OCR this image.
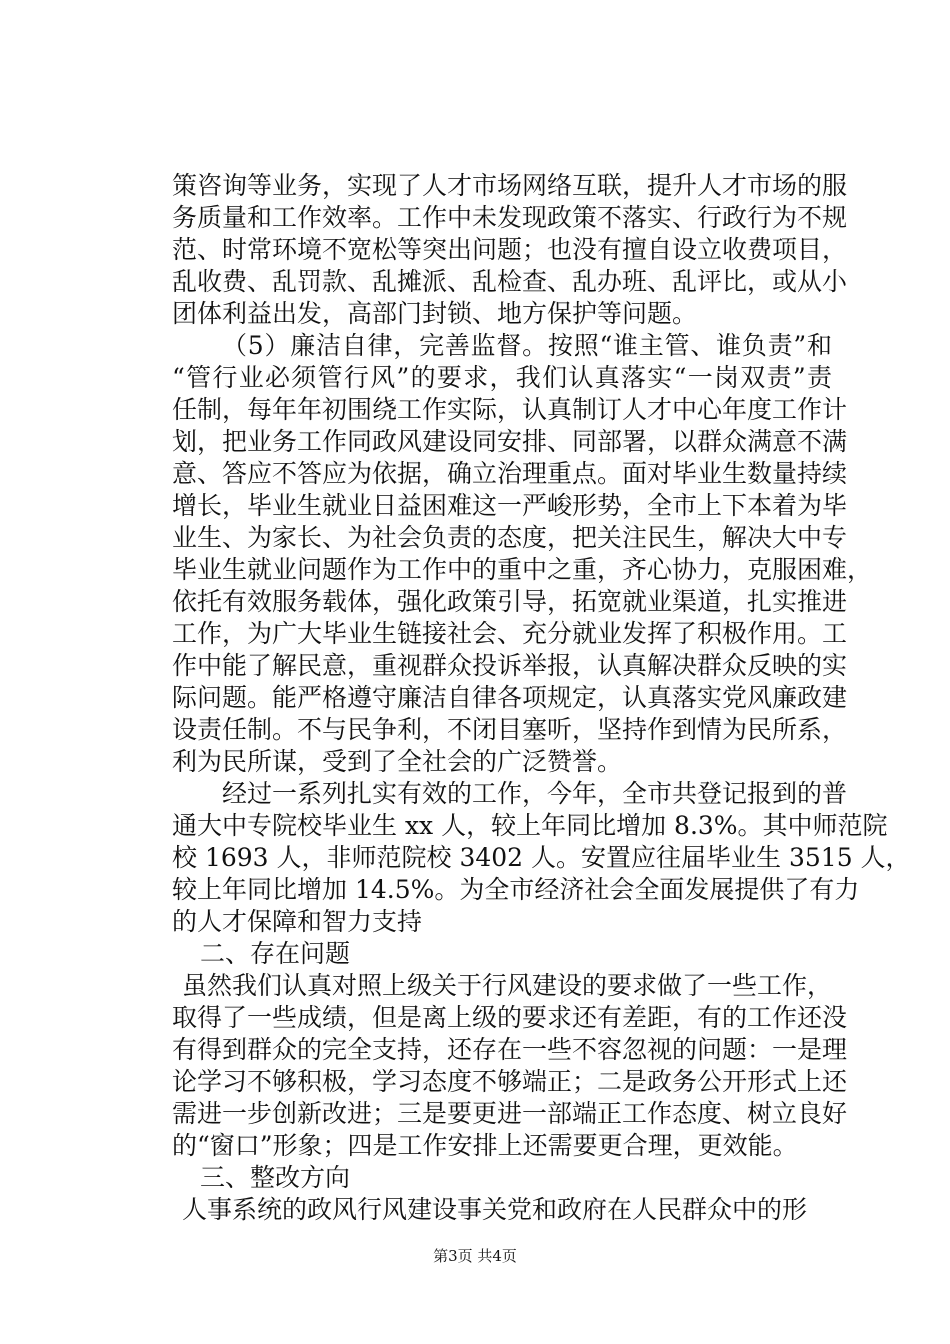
策咨询等业务，实现了人才市场网络互联，提升人才市场的服
务质量和工作效率。工作中未发现政策不落实、行政行为不规
范、时常环境不宽松等突出问题；也没有擅自设立收费项目，
乱收费、乱罚款、乱摊派、乱检查、乱办班、乱评比，或从小
团体利益出发，高部门封锁、地方保护等问题。
（5）廉洁自律，完善监督。按照“谁主管、谁负责”和
“管行业必须管行风”的要求，我们认真落实“一岗双责”责
任制，每年年初围绕工作实际，认真制订人才中心年度工作计
划，把业务工作同政风建设同安排、同部署，以群众满意不满
意、答应不答应为依据，确立治理重点。面对毕业生数量持续
增长，毕业生就业日益困难这一严峻形势，全市上下本着为毕
业生、为家长、为社会负责的态度，把关注民生，解决大中专
毕业生就业问题作为工作中的重中之重，齐心协力，克服困难，
依托有效服务载体，强化政策引导，拓宽就业渠道，扎实推进
工作，为广大毕业生链接社会、充分就业发挥了积极作用。工
作中能了解民意，重视群众投诉举报，认真解决群众反映的实
际问题。能严格遵守廉洁自律各项规定，认真落实党风廉政建
设责任制。不与民争利，不闭目塞听，坚持作到情为民所系，
利为民所谋，受到了全社会的广泛赞誉。
经过一系列扎实有效的工作，今年，全市共登记报到的普
通大中专院校毕业生 xx 人，较上年同比增加 8.3%。其中师范院
校 1693 人，非师范院校 3402 人。安置应往届毕业生 3515 人，
较上年同比增加 14.5%。为全市经济社会全面发展提供了有力
的人才保障和智力支持
二、存在问题
虽然我们认真对照上级关于行风建设的要求做了一些工作，
取得了一些成绩，但是离上级的要求还有差距，有的工作还没
有得到群众的完全支持，还存在一些不容忽视的问题：一是理
论学习不够积极，学习态度不够端正；二是政务公开形式上还
需进一步创新改进；三是要更进一部端正工作态度、树立良好
的“窗口”形象；四是工作安排上还需要更合理，更效能。
三、整改方向
人事系统的政风行风建设事关党和政府在人民群众中的形
第3页 共4页
